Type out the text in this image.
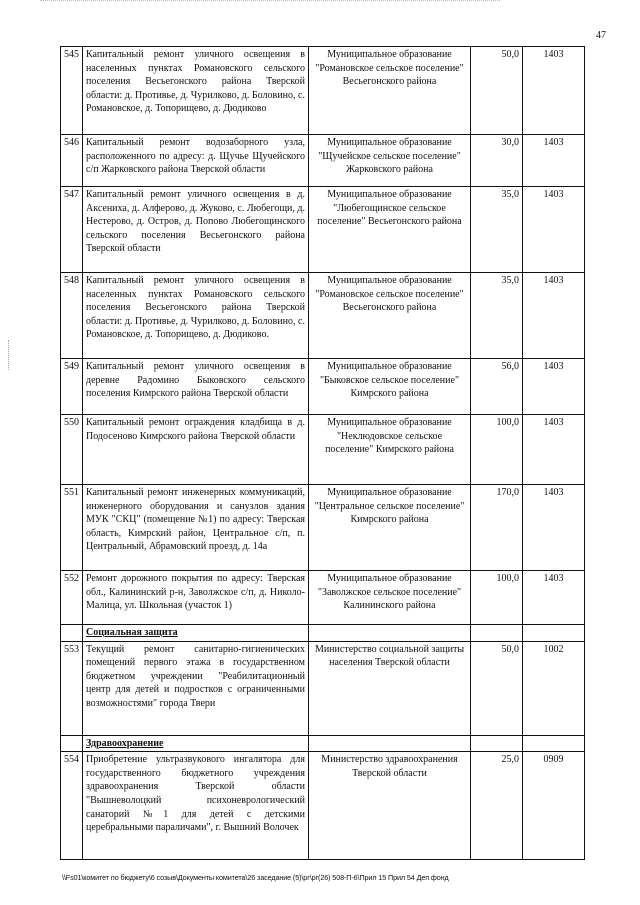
47
545	Капитальный ремонт уличного освещения в населенных пунктах Романовского сельского поселения Весьегонского района Тверской области: д. Противье, д. Чурилково, д. Боловино, с. Романовское, д. Топорищево, д. Дюдиково	Муниципальное образование "Романовское сельское поселение" Весьегонского района	50,0	1403
546	Капитальный ремонт водозаборного узла, расположенного по адресу: д. Щучье Щучейского с/п Жарковского района Тверской области	Муниципальное образование "Щучейское сельское поселение" Жарковского района	30,0	1403
547	Капитальный ремонт уличного освещения в д. Аксениха, д. Алферово, д. Жуково, с. Любегощи, д. Нестерово, д. Остров, д. Попово Любегощинского сельского поселения Весьегонского района Тверской области	Муниципальное образование "Любегощинское сельское поселение" Весьегонского района	35,0	1403
548	Капитальный ремонт уличного освещения в населенных пунктах Романовского сельского поселения Весьегонского района Тверской области: д. Противье, д. Чурилково, д. Боловино, с. Романовское, д. Топорищево, д. Дюдиково.	Муниципальное образование "Романовское сельское поселение" Весьегонского района	35,0	1403
549	Капитальный ремонт уличного освещения в деревне Радомино Быковского сельского поселения Кимрского района Тверской области	Муниципальное образование "Быковское сельское поселение" Кимрского района	56,0	1403
550	Капитальный ремонт ограждения кладбища в д. Подосеново Кимрского района Тверской области	Муниципальное образование "Неклюдовское сельское поселение" Кимрского района	100,0	1403
551	Капитальный ремонт инженерных коммуникаций, инженерного оборудования и санузлов здания МУК "СКЦ" (помещение №1) по адресу: Тверская область, Кимрский район, Центральное с/п, п. Центральный, Абрамовский проезд, д. 14а	Муниципальное образование "Центральное сельское поселение" Кимрского района	170,0	1403
552	Ремонт дорожного покрытия по адресу: Тверская обл., Калининский р-н, Заволжское с/п, д. Николо-Малица, ул. Школьная (участок 1)	Муниципальное образование "Заволжское сельское поселение" Калининского района	100,0	1403
	Социальная защита			
553	Текущий ремонт санитарно-гигиенических помещений первого этажа в государственном бюджетном учреждении "Реабилитационный центр для детей и подростков с ограниченными возможностями" города Твери	Министерство социальной защиты населения Тверской области	50,0	1002
	Здравоохранение			
554	Приобретение ультразвукового ингалятора для государственного бюджетного учреждения здравоохранения Тверской области "Вышневолоцкий психоневрологический санаторий №1 для детей с детскими церебральными параличами", г. Вышний Волочек	Министерство здравоохранения Тверской области	25,0	0909
\\Fs01\комитет по бюджету\6 созыв\Документы комитета\26 заседание (5)\рг\рг(26) 508-П-6\Прил 15 Прил 54 Деп фонд
